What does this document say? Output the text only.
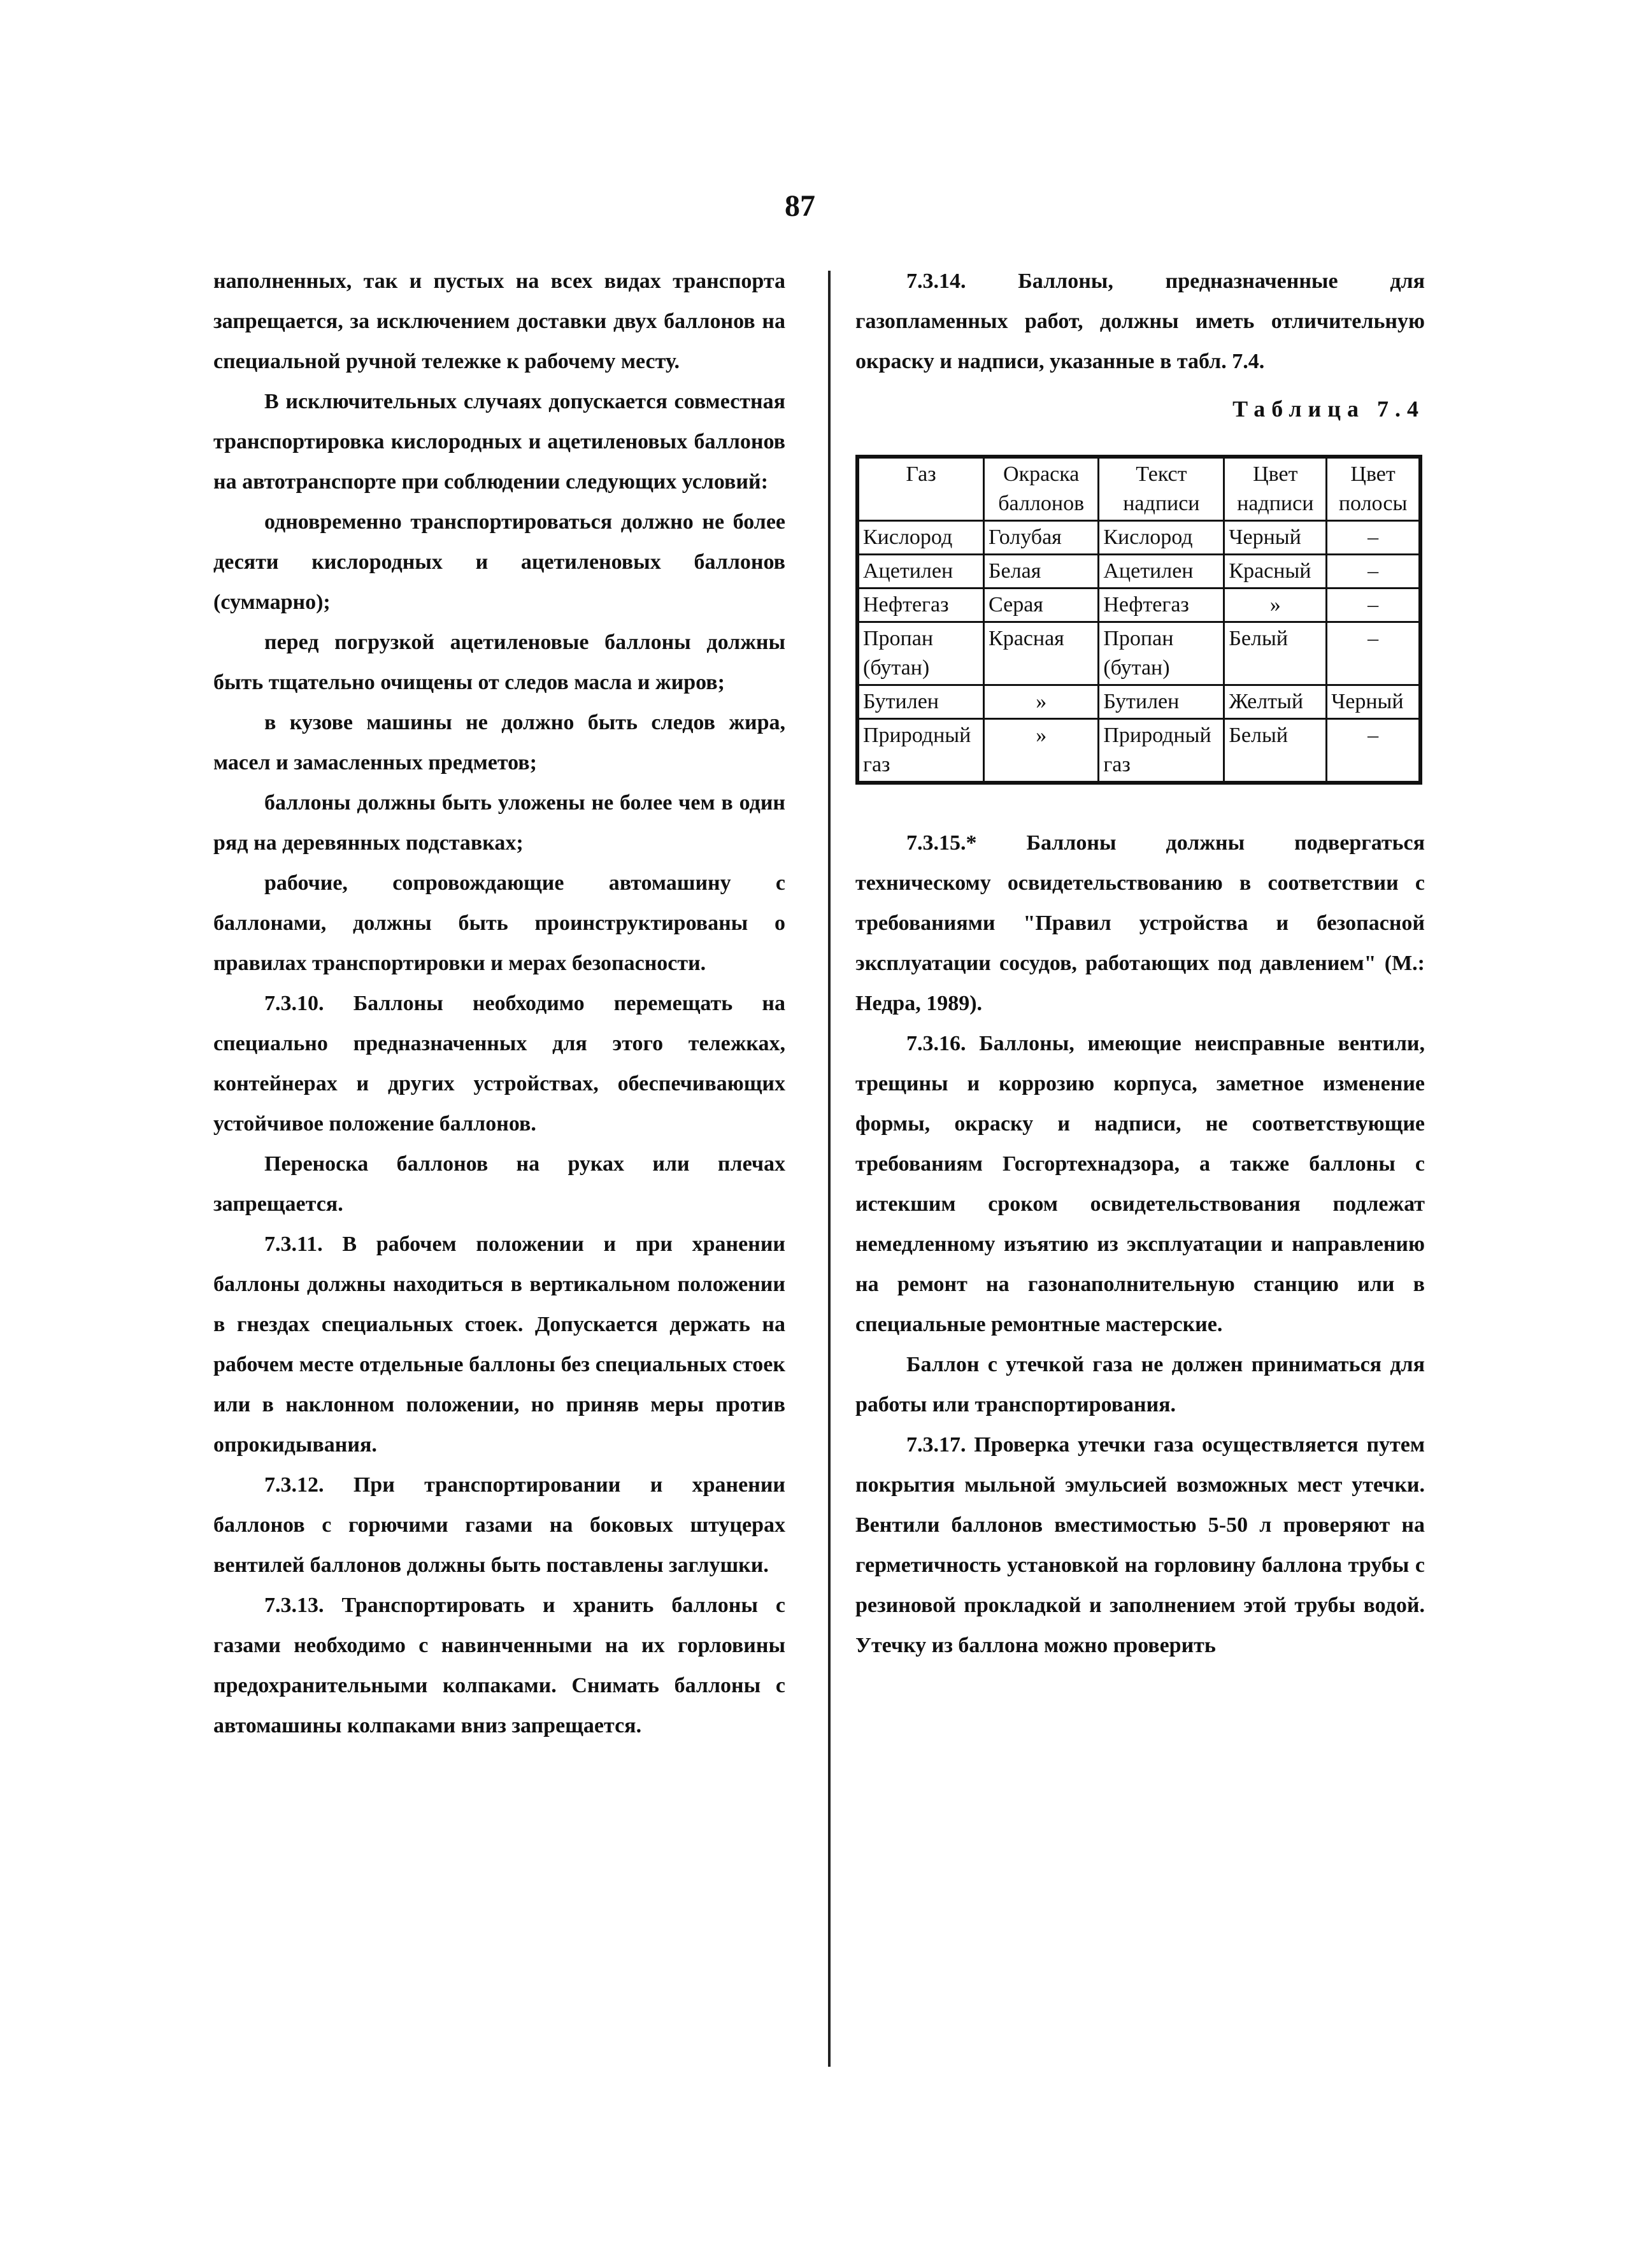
87

наполненных, так и пустых на всех видах транспорта запрещается, за исключением доставки двух баллонов на специальной ручной тележке к рабочему месту.

В исключительных случаях допускается совместная транспортировка кислородных и ацетиленовых баллонов на автотранспорте при соблюдении следующих условий:

одновременно транспортироваться должно не более десяти кислородных и ацетиленовых баллонов (суммарно);

перед погрузкой ацетиленовые баллоны должны быть тщательно очищены от следов масла и жиров;

в кузове машины не должно быть следов жира, масел и замасленных предметов;

баллоны должны быть уложены не более чем в один ряд на деревянных подставках;

рабочие, сопровождающие автомашину с баллонами, должны быть проинструктированы о правилах транспортировки и мерах безопасности.

7.3.10. Баллоны необходимо перемещать на специально предназначенных для этого тележках, контейнерах и других устройствах, обеспечивающих устойчивое положение баллонов.

Переноска баллонов на руках или плечах запрещается.

7.3.11. В рабочем положении и при хранении баллоны должны находиться в вертикальном положении в гнездах специальных стоек. Допускается держать на рабочем месте отдельные баллоны без специальных стоек или в наклонном положении, но приняв меры против опрокидывания.

7.3.12. При транспортировании и хранении баллонов с горючими газами на боковых штуцерах вентилей баллонов должны быть поставлены заглушки.

7.3.13. Транспортировать и хранить баллоны с газами необходимо с навинченными на их горловины предохранительными колпаками. Снимать баллоны с автомашины колпаками вниз запрещается.

7.3.14. Баллоны, предназначенные для газопламенных работ, должны иметь отличительную окраску и надписи, указанные в табл. 7.4.

Таблица 7.4
Газ	Окраска баллонов	Текст надписи	Цвет надписи	Цвет полосы
Кислород	Голубая	Кислород	Черный	–
Ацетилен	Белая	Ацетилен	Красный	–
Нефтегаз	Серая	Нефтегаз	»	–
Пропан (бутан)	Красная	Пропан (бутан)	Белый	–
Бутилен	»	Бутилен	Желтый	Черный
Природный газ	»	Природный газ	Белый	–

7.3.15.* Баллоны должны подвергаться техническому освидетельствованию в соответствии с требованиями "Правил устройства и безопасной эксплуатации сосудов, работающих под давлением" (М.: Недра, 1989).

7.3.16. Баллоны, имеющие неисправные вентили, трещины и коррозию корпуса, заметное изменение формы, окраску и надписи, не соответствующие требованиям Госгортехнадзора, а также баллоны с истекшим сроком освидетельствования подлежат немедленному изъятию из эксплуатации и направлению на ремонт на газонаполнительную станцию или в специальные ремонтные мастерские.

Баллон с утечкой газа не должен приниматься для работы или транспортирования.

7.3.17. Проверка утечки газа осуществляется путем покрытия мыльной эмульсией возможных мест утечки. Вентили баллонов вместимостью 5-50 л проверяют на герметичность установкой на горловину баллона трубы с резиновой прокладкой и заполнением этой трубы водой. Утечку из баллона можно проверить
